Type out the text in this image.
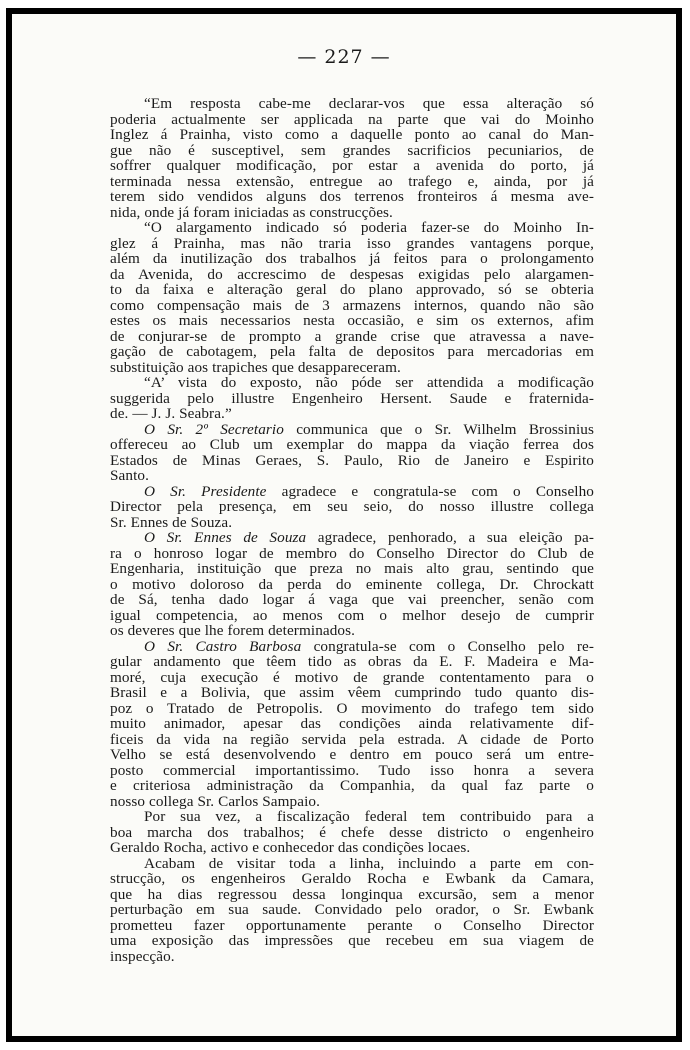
— 227 —
“Em resposta cabe-me declarar-vos que essa alteração só
poderia actualmente ser applicada na parte que vai do Moinho
Inglez á Prainha, visto como a daquelle ponto ao canal do Man-
gue não é susceptivel, sem grandes sacrificios pecuniarios, de
soffrer qualquer modificação, por estar a avenida do porto, já
terminada nessa extensão, entregue ao trafego e, ainda, por já
terem sido vendidos alguns dos terrenos fronteiros á mesma ave-
nida, onde já foram iniciadas as construcções.
“O alargamento indicado só poderia fazer-se do Moinho In-
glez á Prainha, mas não traria isso grandes vantagens porque,
além da inutilização dos trabalhos já feitos para o prolongamento
da Avenida, do accrescimo de despesas exigidas pelo alargamen-
to da faixa e alteração geral do plano approvado, só se obteria
como compensação mais de 3 armazens internos, quando não são
estes os mais necessarios nesta occasião, e sim os externos, afim
de conjurar-se de prompto a grande crise que atravessa a nave-
gação de cabotagem, pela falta de depositos para mercadorias em
substituição aos trapiches que desappareceram.
“A’ vista do exposto, não póde ser attendida a modificação
suggerida pelo illustre Engenheiro Hersent. Saude e fraternida-
de. — J. J. Seabra.”
O Sr. 2º Secretario communica que o Sr. Wilhelm Brossinius
offereceu ao Club um exemplar do mappa da viação ferrea dos
Estados de Minas Geraes, S. Paulo, Rio de Janeiro e Espirito
Santo.
O Sr. Presidente agradece e congratula-se com o Conselho
Director pela presença, em seu seio, do nosso illustre collega
Sr. Ennes de Souza.
O Sr. Ennes de Souza agradece, penhorado, a sua eleição pa-
ra o honroso logar de membro do Conselho Director do Club de
Engenharia, instituição que preza no mais alto grau, sentindo que
o motivo doloroso da perda do eminente collega, Dr. Chrockatt
de Sá, tenha dado logar á vaga que vai preencher, senão com
igual competencia, ao menos com o melhor desejo de cumprir
os deveres que lhe forem determinados.
O Sr. Castro Barbosa congratula-se com o Conselho pelo re-
gular andamento que têem tido as obras da E. F. Madeira e Ma-
moré, cuja execução é motivo de grande contentamento para o
Brasil e a Bolivia, que assim vêem cumprindo tudo quanto dis-
poz o Tratado de Petropolis. O movimento do trafego tem sido
muito animador, apesar das condições ainda relativamente dif-
ficeis da vida na região servida pela estrada. A cidade de Porto
Velho se está desenvolvendo e dentro em pouco será um entre-
posto commercial importantissimo. Tudo isso honra a severa
e criteriosa administração da Companhia, da qual faz parte o
nosso collega Sr. Carlos Sampaio.
Por sua vez, a fiscalização federal tem contribuido para a
boa marcha dos trabalhos; é chefe desse districto o engenheiro
Geraldo Rocha, activo e conhecedor das condições locaes.
Acabam de visitar toda a linha, incluindo a parte em con-
strucção, os engenheiros Geraldo Rocha e Ewbank da Camara,
que ha dias regressou dessa longinqua excursão, sem a menor
perturbação em sua saude. Convidado pelo orador, o Sr. Ewbank
prometteu fazer opportunamente perante o Conselho Director
uma exposição das impressões que recebeu em sua viagem de
inspecção.
